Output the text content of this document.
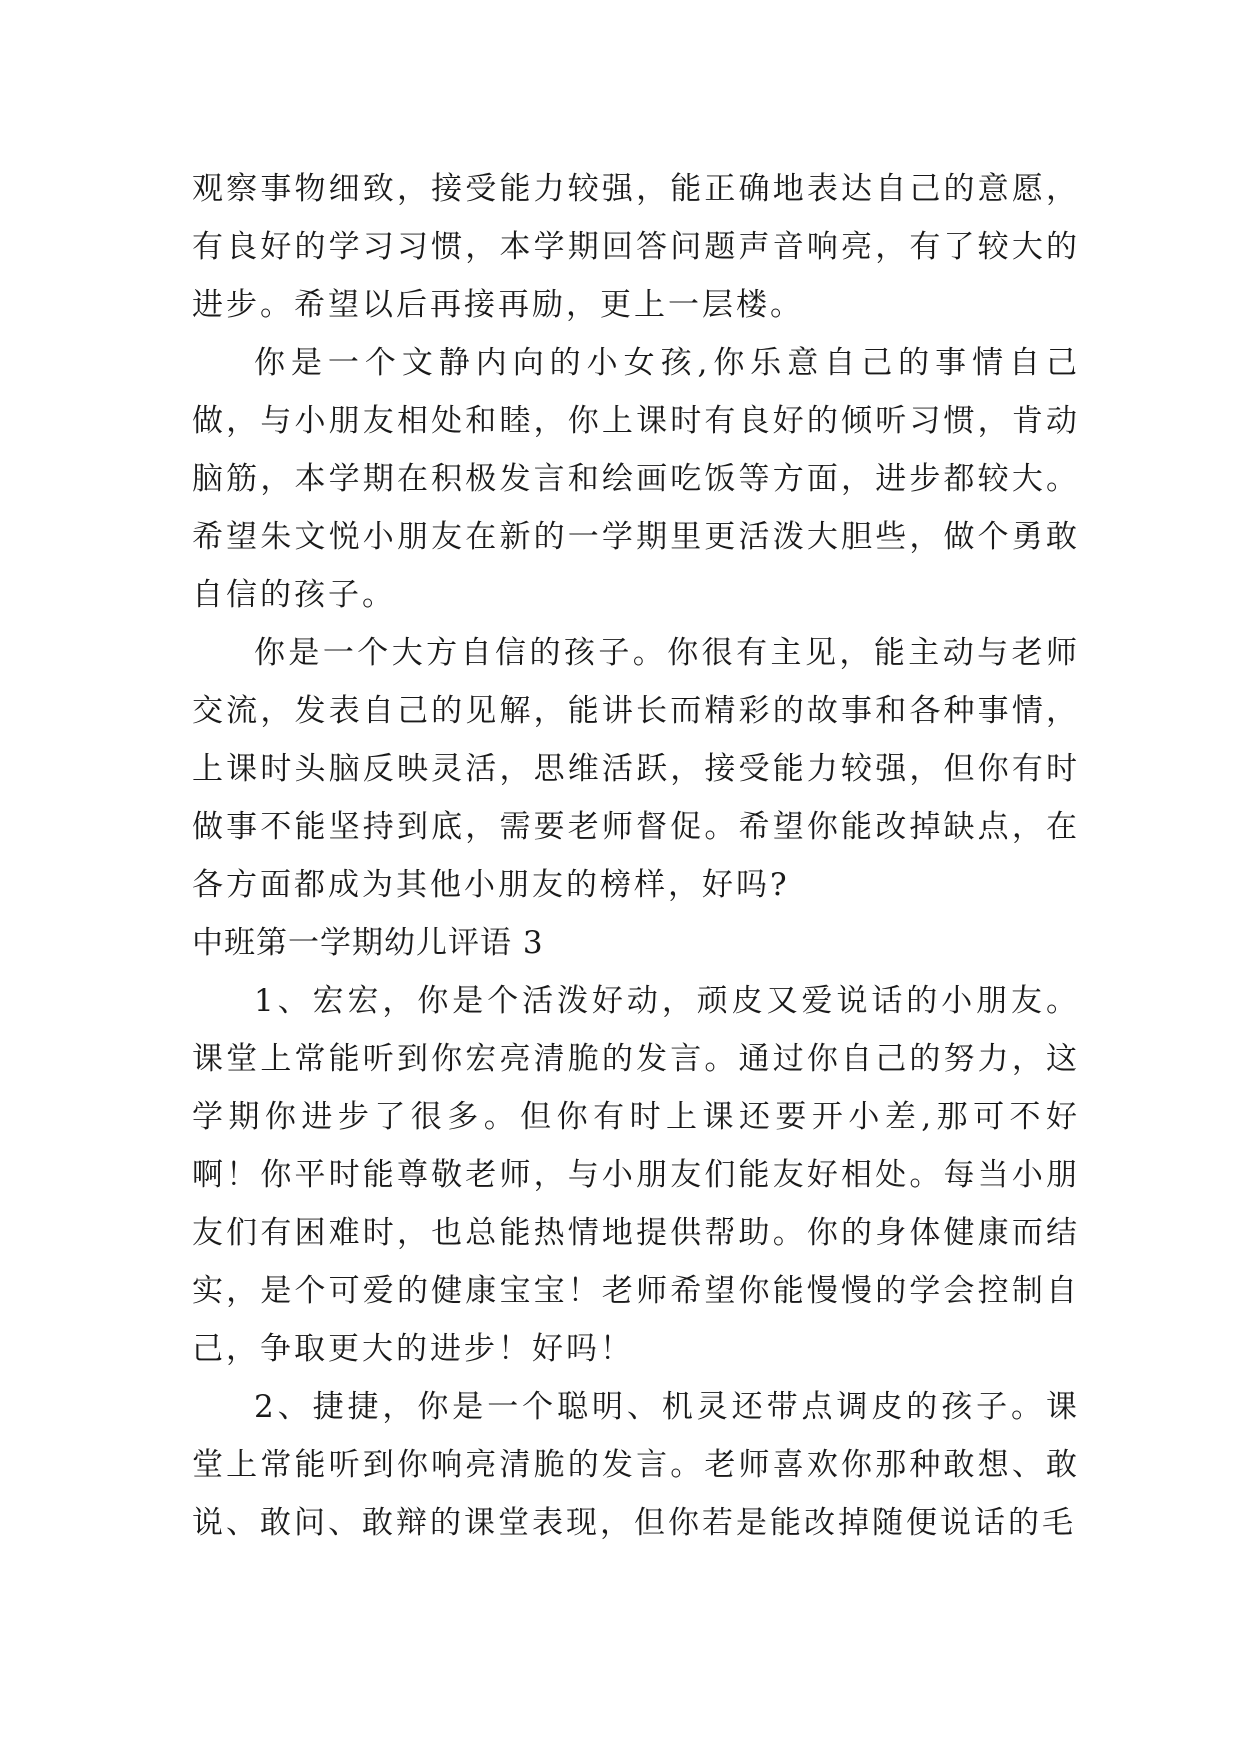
观察事物细致，接受能力较强，能正确地表达自己的意愿，有良好的学习习惯，本学期回答问题声音响亮，有了较大的进步。希望以后再接再励，更上一层楼。

你是一个文静内向的小女孩,你乐意自己的事情自己做，与小朋友相处和睦，你上课时有良好的倾听习惯，肯动脑筋，本学期在积极发言和绘画吃饭等方面，进步都较大。希望朱文悦小朋友在新的一学期里更活泼大胆些，做个勇敢自信的孩子。

你是一个大方自信的孩子。你很有主见，能主动与老师交流，发表自己的见解，能讲长而精彩的故事和各种事情，上课时头脑反映灵活，思维活跃，接受能力较强，但你有时做事不能坚持到底，需要老师督促。希望你能改掉缺点，在各方面都成为其他小朋友的榜样，好吗?

中班第一学期幼儿评语 3

1、宏宏，你是个活泼好动，顽皮又爱说话的小朋友。课堂上常能听到你宏亮清脆的发言。通过你自己的努力，这学期你进步了很多。但你有时上课还要开小差,那可不好啊！你平时能尊敬老师，与小朋友们能友好相处。每当小朋友们有困难时，也总能热情地提供帮助。你的身体健康而结实，是个可爱的健康宝宝！老师希望你能慢慢的学会控制自己，争取更大的进步！好吗！

2、捷捷，你是一个聪明、机灵还带点调皮的孩子。课堂上常能听到你响亮清脆的发言。老师喜欢你那种敢想、敢说、敢问、敢辩的课堂表现，但你若是能改掉随便说话的毛
